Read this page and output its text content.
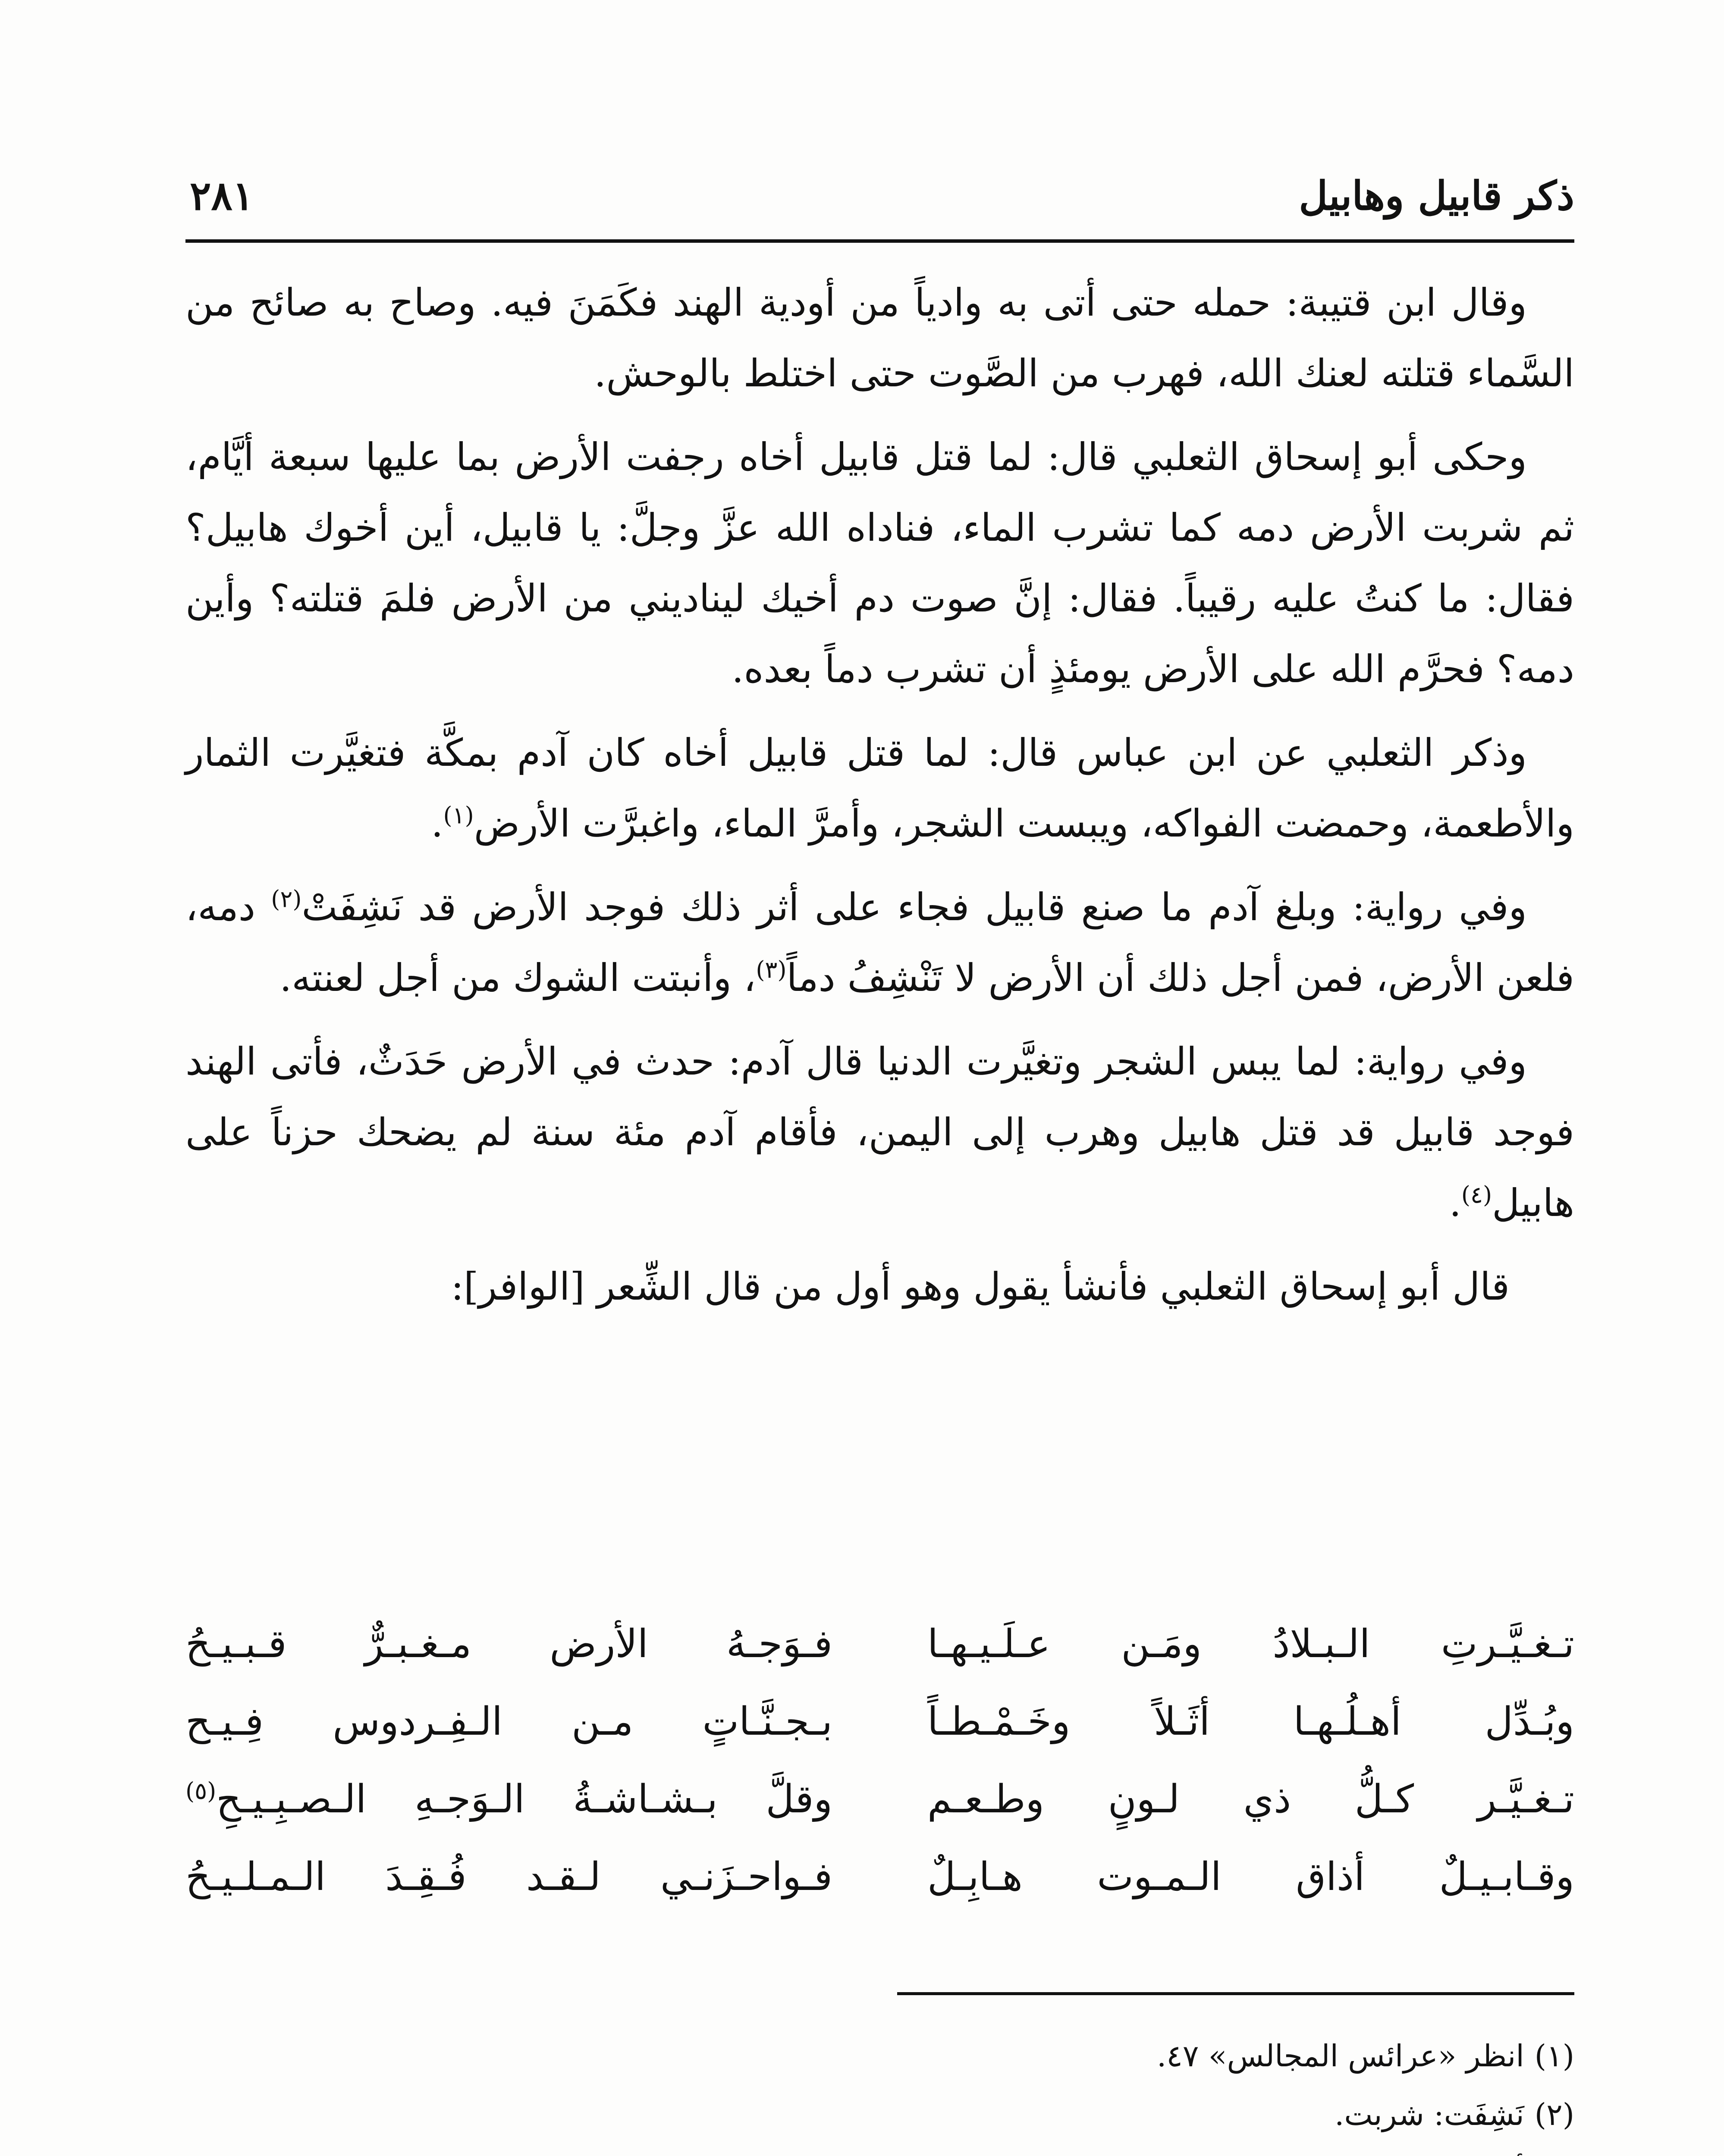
ذكر قابيل وهابيل
٢٨١

وقال ابن قتيبة: حمله حتى أتى به وادياً من أودية الهند فكَمَنَ فيه. وصاح به صائح من السَّماء قتلته لعنك الله، فهرب من الصَّوت حتى اختلط بالوحش.

وحكى أبو إسحاق الثعلبي قال: لما قتل قابيل أخاه رجفت الأرض بما عليها سبعة أيَّام، ثم شربت الأرض دمه كما تشرب الماء، فناداه الله عزَّ وجلَّ: يا قابيل، أين أخوك هابيل؟ فقال: ما كنتُ عليه رقيباً. فقال: إنَّ صوت دم أخيك ليناديني من الأرض فلمَ قتلته؟ وأين دمه؟ فحرَّم الله على الأرض يومئذٍ أن تشرب دماً بعده.

وذكر الثعلبي عن ابن عباس قال: لما قتل قابيل أخاه كان آدم بمكَّة فتغيَّرت الثمار والأطعمة، وحمضت الفواكه، ويبست الشجر، وأمرَّ الماء، واغبرَّت الأرض$^{(١)}$.

وفي رواية: وبلغ آدم ما صنع قابيل فجاء على أثر ذلك فوجد الأرض قد نَشِفَتْ$^{(٢)}$ دمه، فلعن الأرض، فمن أجل ذلك أن الأرض لا تَنْشِفُ دماً$^{(٣)}$، وأنبتت الشوك من أجل لعنته.

وفي رواية: لما يبس الشجر وتغيَّرت الدنيا قال آدم: حدث في الأرض حَدَثٌ، فأتى الهند فوجد قابيل قد قتل هابيل وهرب إلى اليمن، فأقام آدم مئة سنة لم يضحك حزناً على هابيل$^{(٤)}$.

قال أبو إسحاق الثعلبي فأنشأ يقول وهو أول من قال الشِّعر [الوافر]:

تـغـيَّـرتِ الـبـلادُ ومَـن عـلَـيـهـا
فـوَجـهُ الأرض مـغـبـرٌّ قـبـيـحُ
وبُـدِّل أهـلُـهـا أثَـلاً وخَـمْـطـاً
بـجـنَّـاتٍ مـن الـفِـردوس فِـيـح
تـغـيَّـر كـلُّ ذي لـونٍ وطـعـم
وقلَّ بـشـاشـةُ الـوَجـهِ الـصـبِـيـحِ$^{(٥)}$
وقـابـيـلٌ أذاق الـمـوت هـابِـلٌ
فـواحـزَنـي لـقـد فُـقِـدَ الـمـلـيـحُ

(١)انظر «عرائس المجالس» ٤٧.

(٢)نَشِفَت: شربت.
